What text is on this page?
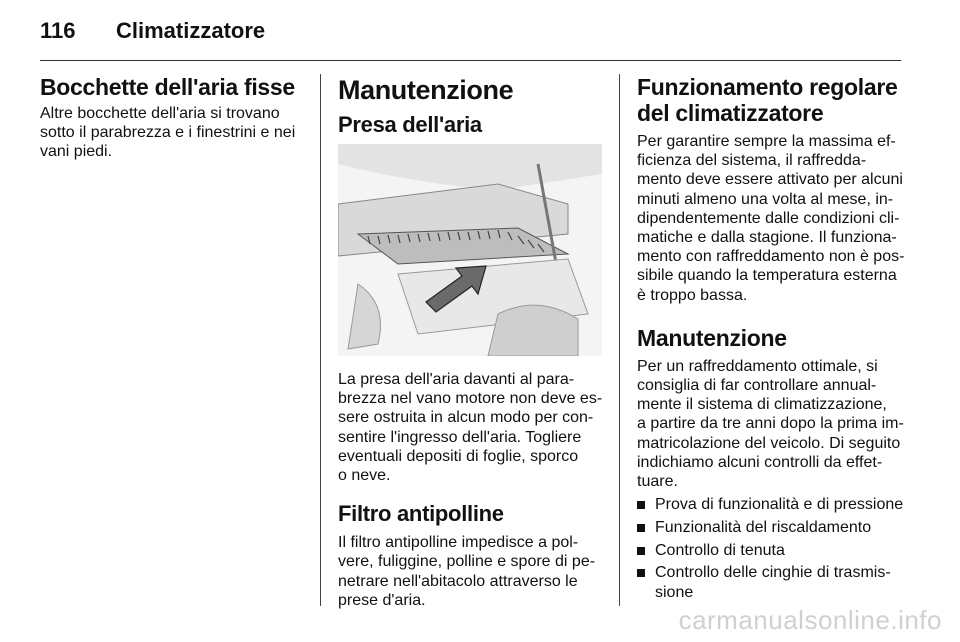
116 Climatizzatore
Bocchette dell'aria fisse

Altre bocchette dell'aria si trovano
sotto il parabrezza e i finestrini e nei
vani piedi.

Manutenzione
Presa dell'aria

La presa dell'aria davanti al para-
brezza nel vano motore non deve es-
sere ostruita in alcun modo per con-
sentire l'ingresso dell'aria. Togliere
eventuali depositi di foglie, sporco
o neve.

Filtro antipolline

Il filtro antipolline impedisce a pol-
vere, fuliggine, polline e spore di pe-
netrare nell'abitacolo attraverso le
prese d'aria.

Funzionamento regolare
del climatizzatore

Per garantire sempre la massima ef-
ficienza del sistema, il raffredda-
mento deve essere attivato per alcuni
minuti almeno una volta al mese, in-
dipendentemente dalle condizioni cli-
matiche e dalla stagione. Il funziona-
mento con raffreddamento non è pos-
sibile quando la temperatura esterna
è troppo bassa.

Manutenzione

Per un raffreddamento ottimale, si
consiglia di far controllare annual-
mente il sistema di climatizzazione,
a partire da tre anni dopo la prima im-
matricolazione del veicolo. Di seguito
indichiamo alcuni controlli da effet-
tuare.

Prova di funzionalità e di pressione
Funzionalità del riscaldamento
Controllo di tenuta
Controllo delle cinghie di trasmis-
sione
carmanualsonline.info
